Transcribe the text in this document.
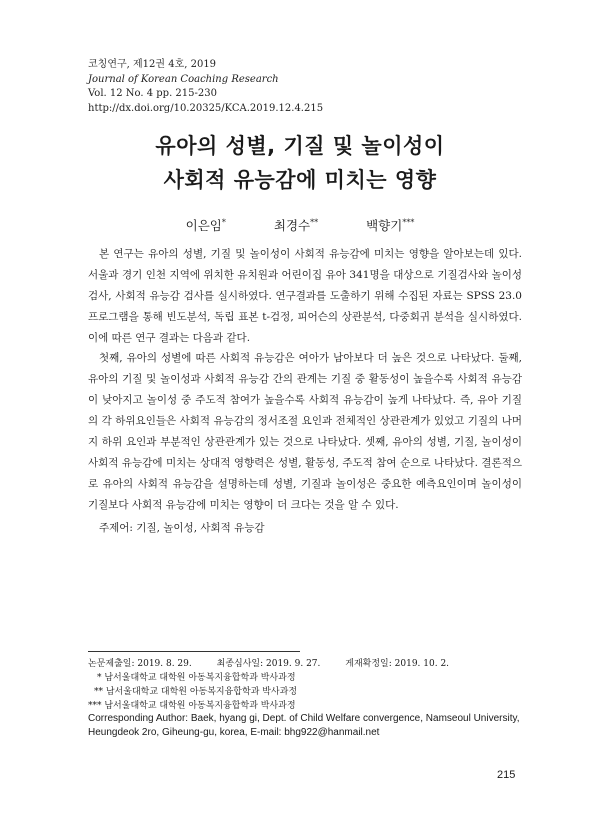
코칭연구, 제12권 4호, 2019
Journal of Korean Coaching Research
Vol. 12 No. 4 pp. 215-230
http://dx.doi.org/10.20325/KCA.2019.12.4.215
유아의 성별, 기질 및 놀이성이
사회적 유능감에 미치는 영향
이은임*	최경수**	백향기***

본 연구는 유아의 성별, 기질 및 놀이성이 사회적 유능감에 미치는 영향을 알아보는데 있다. 서울과 경기 인천 지역에 위치한 유치원과 어린이집 유아 341명을 대상으로 기질검사와 놀이성 검사, 사회적 유능감 검사를 실시하였다. 연구결과를 도출하기 위해 수집된 자료는 SPSS 23.0 프로그램을 통해 빈도분석, 독립 표본 t-검정, 피어슨의 상관분석, 다중회귀 분석을 실시하였다. 이에 따른 연구 결과는 다음과 같다.

첫째, 유아의 성별에 따른 사회적 유능감은 여아가 남아보다 더 높은 것으로 나타났다. 둘째, 유아의 기질 및 놀이성과 사회적 유능감 간의 관계는 기질 중 활동성이 높을수록 사회적 유능감이 낮아지고 놀이성 중 주도적 참여가 높을수록 사회적 유능감이 높게 나타났다. 즉, 유아 기질의 각 하위요인들은 사회적 유능감의 정서조절 요인과 전체적인 상관관계가 있었고 기질의 나머지 하위 요인과 부분적인 상관관계가 있는 것으로 나타났다. 셋째, 유아의 성별, 기질, 놀이성이 사회적 유능감에 미치는 상대적 영향력은 성별, 활동성, 주도적 참여 순으로 나타났다. 결론적으로 유아의 사회적 유능감을 설명하는데 성별, 기질과 놀이성은 중요한 예측요인이며 놀이성이 기질보다 사회적 유능감에 미치는 영향이 더 크다는 것을 알 수 있다.

주제어: 기질, 놀이성, 사회적 유능감
논문제출일: 2019. 8. 29.	최종심사일: 2019. 9. 27.	게재확정일: 2019. 10. 2.
* 남서울대학교 대학원 아동복지융합학과 박사과정
** 남서울대학교 대학원 아동복지융합학과 박사과정
*** 남서울대학교 대학원 아동복지융합학과 박사과정
Corresponding Author: Baek, hyang gi, Dept. of Child Welfare convergence, Namseoul University, Heungdeok 2ro, Giheung-gu, korea, E-mail: bhg922@hanmail.net
215
